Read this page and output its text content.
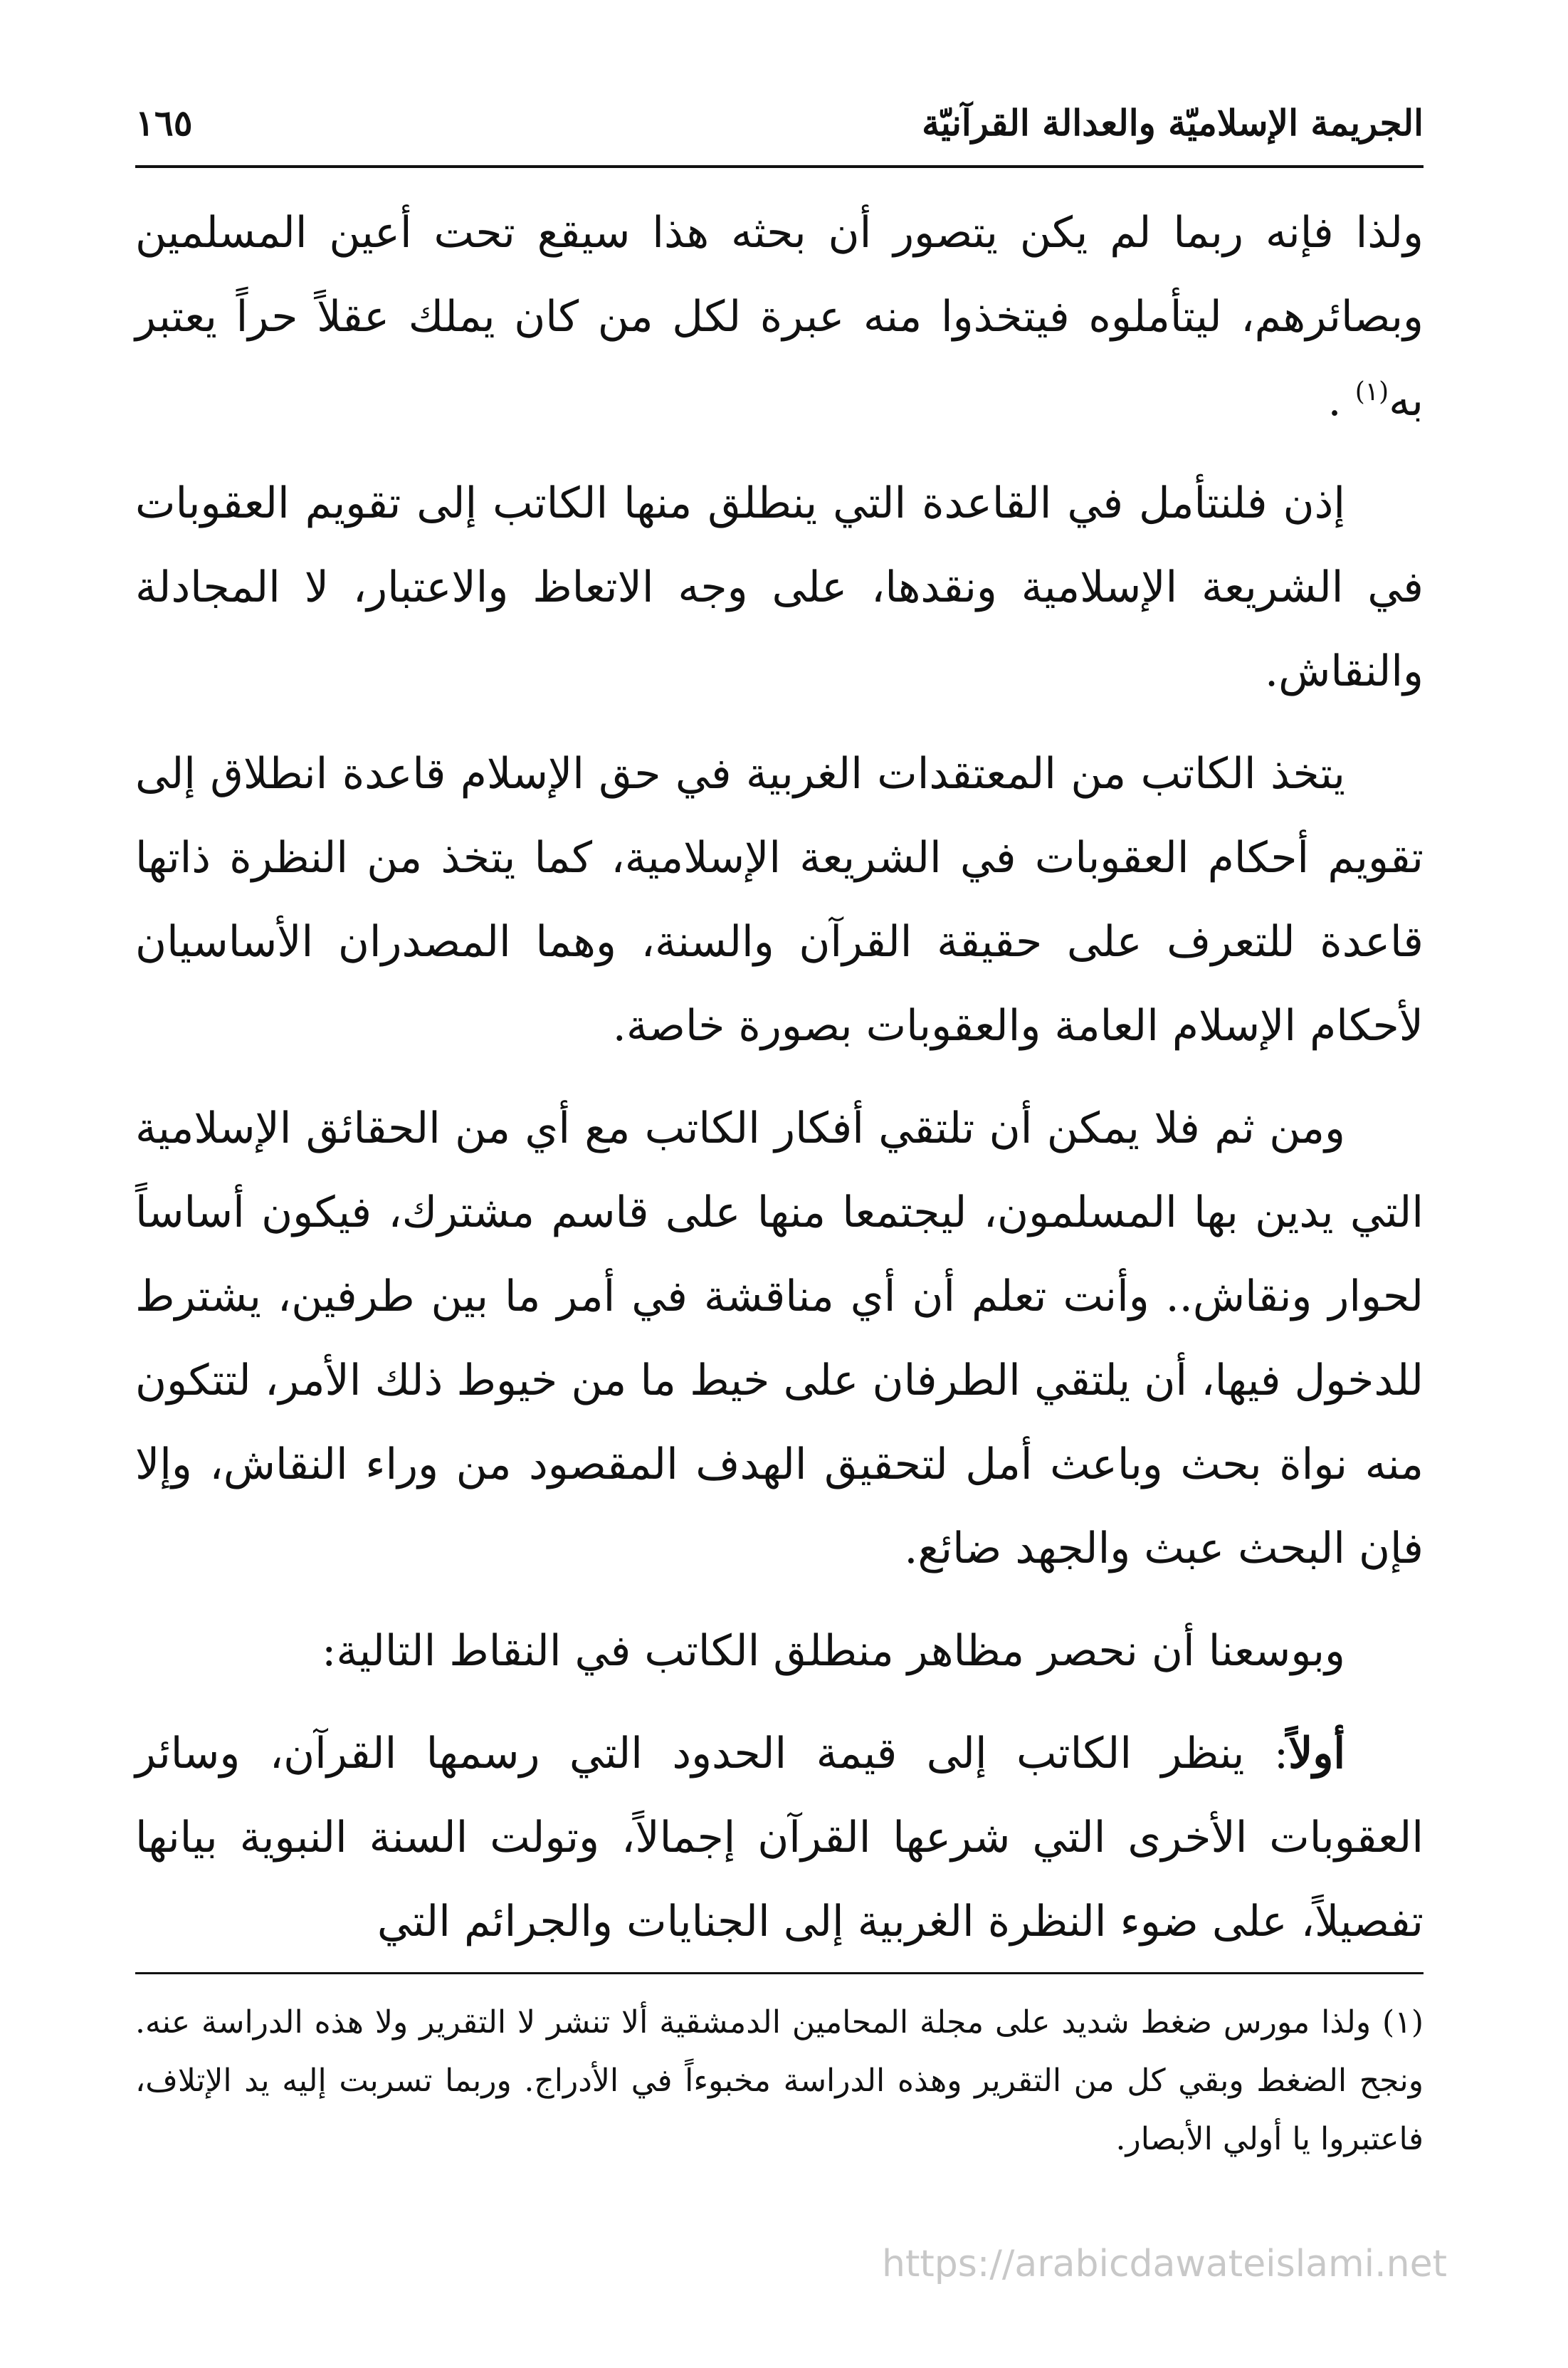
الجريمة الإسلاميّة والعدالة القرآنيّة
١٦٥

ولذا فإنه ربما لم يكن يتصور أن بحثه هذا سيقع تحت أعين المسلمين وبصائرهم، ليتأملوه فيتخذوا منه عبرة لكل من كان يملك عقلاً حراً يعتبر به$^{(١)}$ .

إذن فلنتأمل في القاعدة التي ينطلق منها الكاتب إلى تقويم العقوبات في الشريعة الإسلامية ونقدها، على وجه الاتعاظ والاعتبار، لا المجادلة والنقاش.

يتخذ الكاتب من المعتقدات الغربية في حق الإسلام قاعدة انطلاق إلى تقويم أحكام العقوبات في الشريعة الإسلامية، كما يتخذ من النظرة ذاتها قاعدة للتعرف على حقيقة القرآن والسنة، وهما المصدران الأساسيان لأحكام الإسلام العامة والعقوبات بصورة خاصة.

ومن ثم فلا يمكن أن تلتقي أفكار الكاتب مع أي من الحقائق الإسلامية التي يدين بها المسلمون، ليجتمعا منها على قاسم مشترك، فيكون أساساً لحوار ونقاش.. وأنت تعلم أن أي مناقشة في أمر ما بين طرفين، يشترط للدخول فيها، أن يلتقي الطرفان على خيط ما من خيوط ذلك الأمر، لتتكون منه نواة بحث وباعث أمل لتحقيق الهدف المقصود من وراء النقاش، وإلا فإن البحث عبث والجهد ضائع.

وبوسعنا أن نحصر مظاهر منطلق الكاتب في النقاط التالية:

أولاً: ينظر الكاتب إلى قيمة الحدود التي رسمها القرآن، وسائر العقوبات الأخرى التي شرعها القرآن إجمالاً، وتولت السنة النبوية بيانها تفصيلاً، على ضوء النظرة الغربية إلى الجنايات والجرائم التي

(١) ولذا مورس ضغط شديد على مجلة المحامين الدمشقية ألا تنشر لا التقرير ولا هذه الدراسة عنه. ونجح الضغط وبقي كل من التقرير وهذه الدراسة مخبوءاً في الأدراج. وربما تسربت إليه يد الإتلاف، فاعتبروا يا أولي الأبصار.

https://arabicdawateislami.net
